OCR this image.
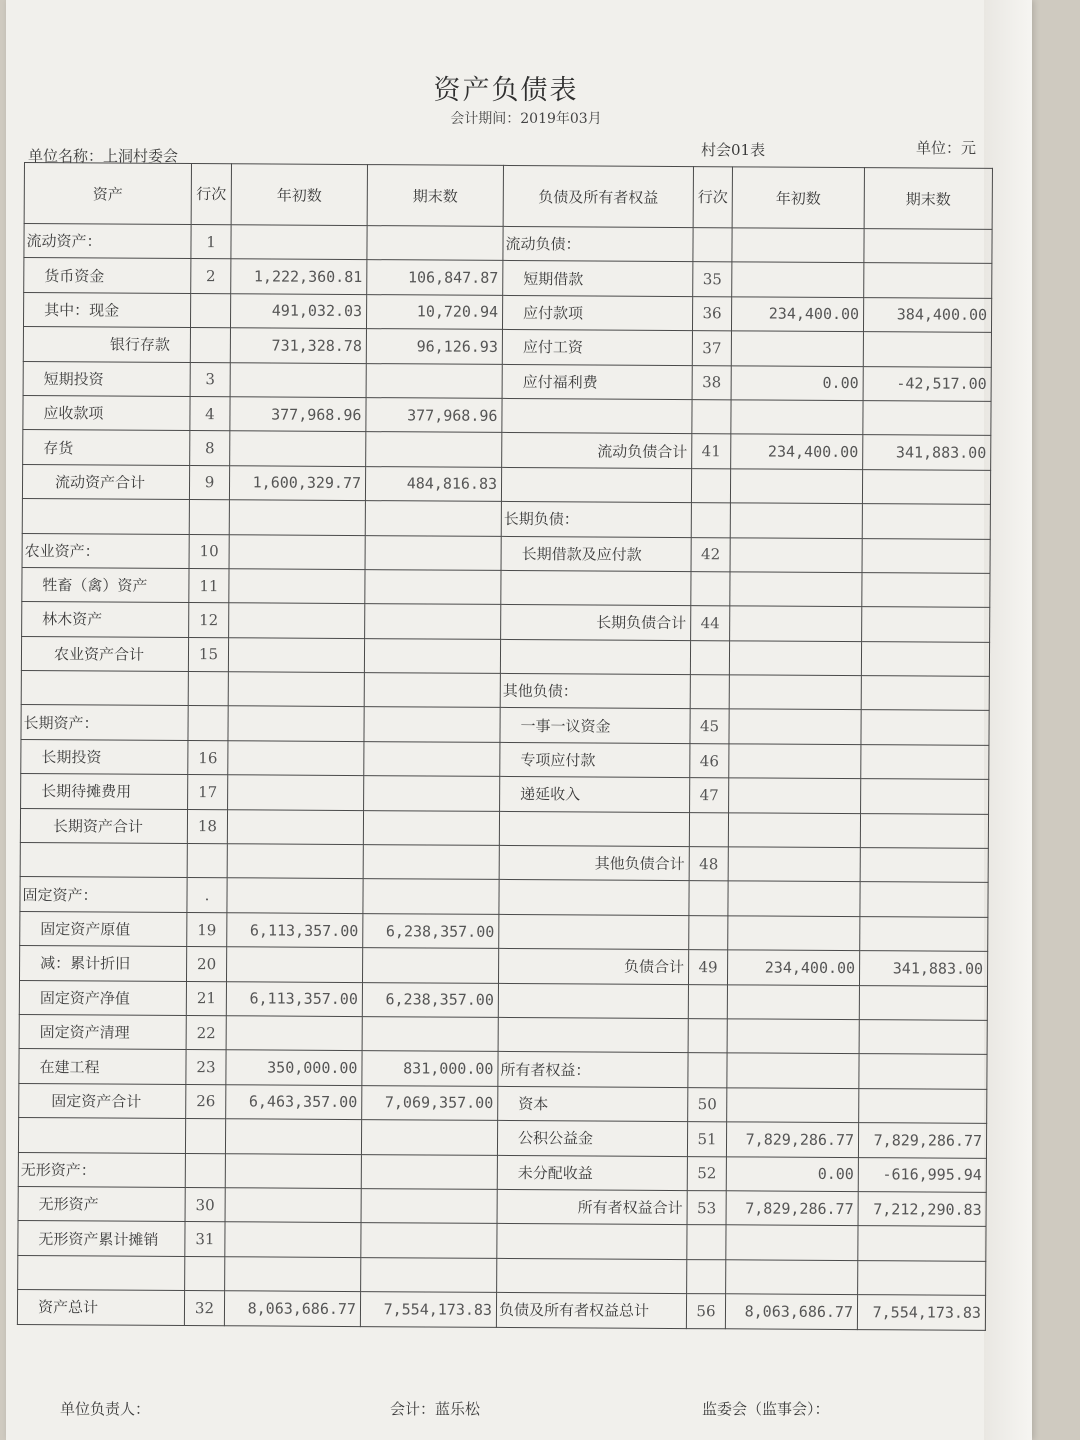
资产负债表
会计期间：2019年03月
单位名称：上洞村委会	村会01表	单位：元
资产	行次	年初数	期末数	负债及所有者权益	行次	年初数	期末数
流动资产：	1			流动负债：			
货币资金	2	1,222,360.81	106,847.87	短期借款	35		
其中：现金		491,032.03	10,720.94	应付款项	36	234,400.00	384,400.00
银行存款		731,328.78	96,126.93	应付工资	37		
短期投资	3			应付福利费	38	0.00	-42,517.00
应收款项	4	377,968.96	377,968.96				
存货	8			流动负债合计	41	234,400.00	341,883.00
流动资产合计	9	1,600,329.77	484,816.83				
				长期负债：			
农业资产：	10			长期借款及应付款	42		
牲畜（禽）资产	11						
林木资产	12			长期负债合计	44		
农业资产合计	15						
				其他负债：			
长期资产：				一事一议资金	45		
长期投资	16			专项应付款	46		
长期待摊费用	17			递延收入	47		
长期资产合计	18						
				其他负债合计	48		
固定资产：	.						
固定资产原值	19	6,113,357.00	6,238,357.00				
减：累计折旧	20			负债合计	49	234,400.00	341,883.00
固定资产净值	21	6,113,357.00	6,238,357.00				
固定资产清理	22						
在建工程	23	350,000.00	831,000.00	所有者权益：			
固定资产合计	26	6,463,357.00	7,069,357.00	资本	50		
				公积公益金	51	7,829,286.77	7,829,286.77
无形资产：				未分配收益	52	0.00	-616,995.94
无形资产	30			所有者权益合计	53	7,829,286.77	7,212,290.83
无形资产累计摊销	31						

资产总计	32	8,063,686.77	7,554,173.83	负债及所有者权益总计	56	8,063,686.77	7,554,173.83
单位负责人：	会计：蓝乐松	监委会（监事会）：
